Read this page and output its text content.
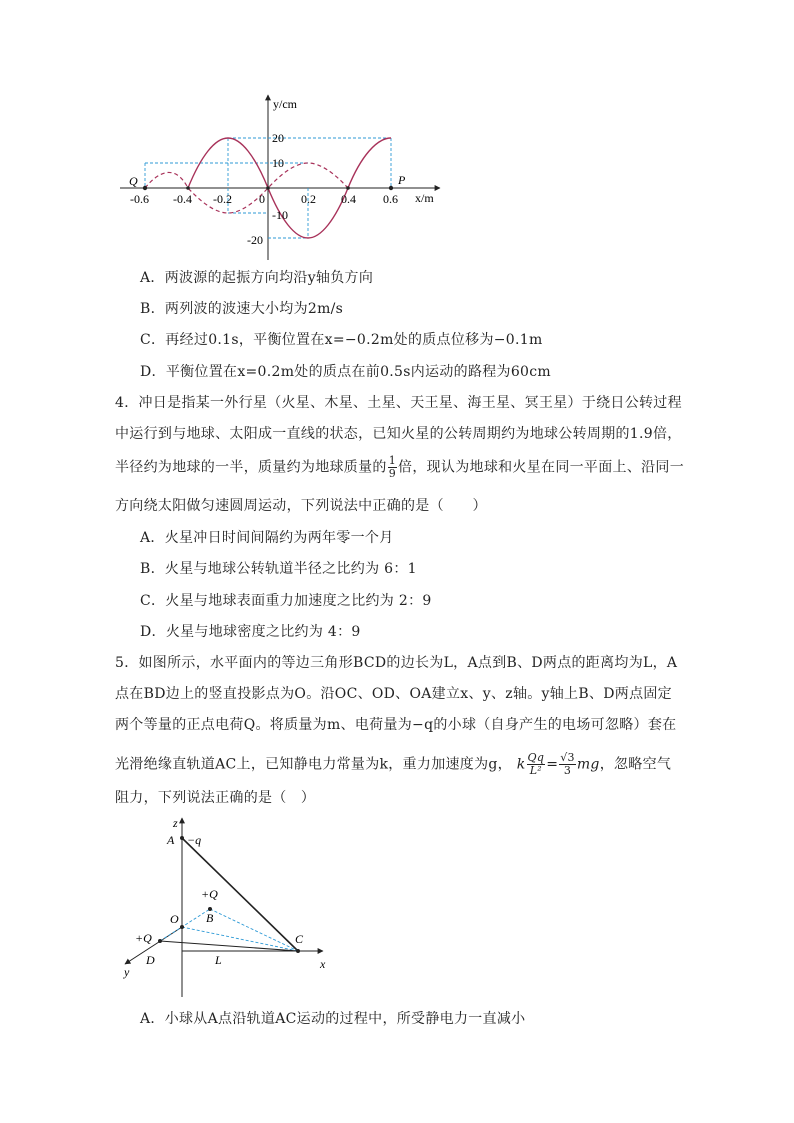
y/cm
x/m
Q	P
-0.6 -0.4 -0.2 0	0.2 0.4 0.6
20
10
-10
-20
A．两波源的起振方向均沿y轴负方向
B．两列波的波速大小均为2m/s
C．再经过0.1s，平衡位置在x=−0.2m处的质点位移为−0.1m
D．平衡位置在x=0.2m处的质点在前0.5s内运动的路程为60cm
4．冲日是指某一外行星（火星、木星、土星、天王星、海王星、冥王星）于绕日公转过程
中运行到与地球、太阳成一直线的状态，已知火星的公转周期约为地球公转周期的1.9倍，
半径约为地球的一半，质量约为地球质量的 $\frac{1}{9}$ 倍，现认为地球和火星在同一平面上、沿同一
方向绕太阳做匀速圆周运动，下列说法中正确的是（　　）
A．火星冲日时间间隔约为两年零一个月
B．火星与地球公转轨道半径之比约为 6：1
C．火星与地球表面重力加速度之比约为 2：9
D．火星与地球密度之比约为 4：9
5．如图所示，水平面内的等边三角形BCD的边长为L，A点到B、D两点的距离均为L，A
点在BD边上的竖直投影点为O。沿OC、OD、OA建立x、y、z轴。y轴上B、D两点固定
两个等量的正点电荷Q。将质量为m、电荷量为−q的小球（自身产生的电场可忽略）套在
光滑绝缘直轨道AC上，已知静电力常量为k，重力加速度为g， k $\frac{Qq}{\text{L²}} = \frac{√3}{3}$ mg，忽略空气
阻力，下列说法正确的是（　）
z
A −q
+Q
B
O
+Q
D	L
C
x
y
A．小球从A点沿轨道AC运动的过程中，所受静电力一直减小
